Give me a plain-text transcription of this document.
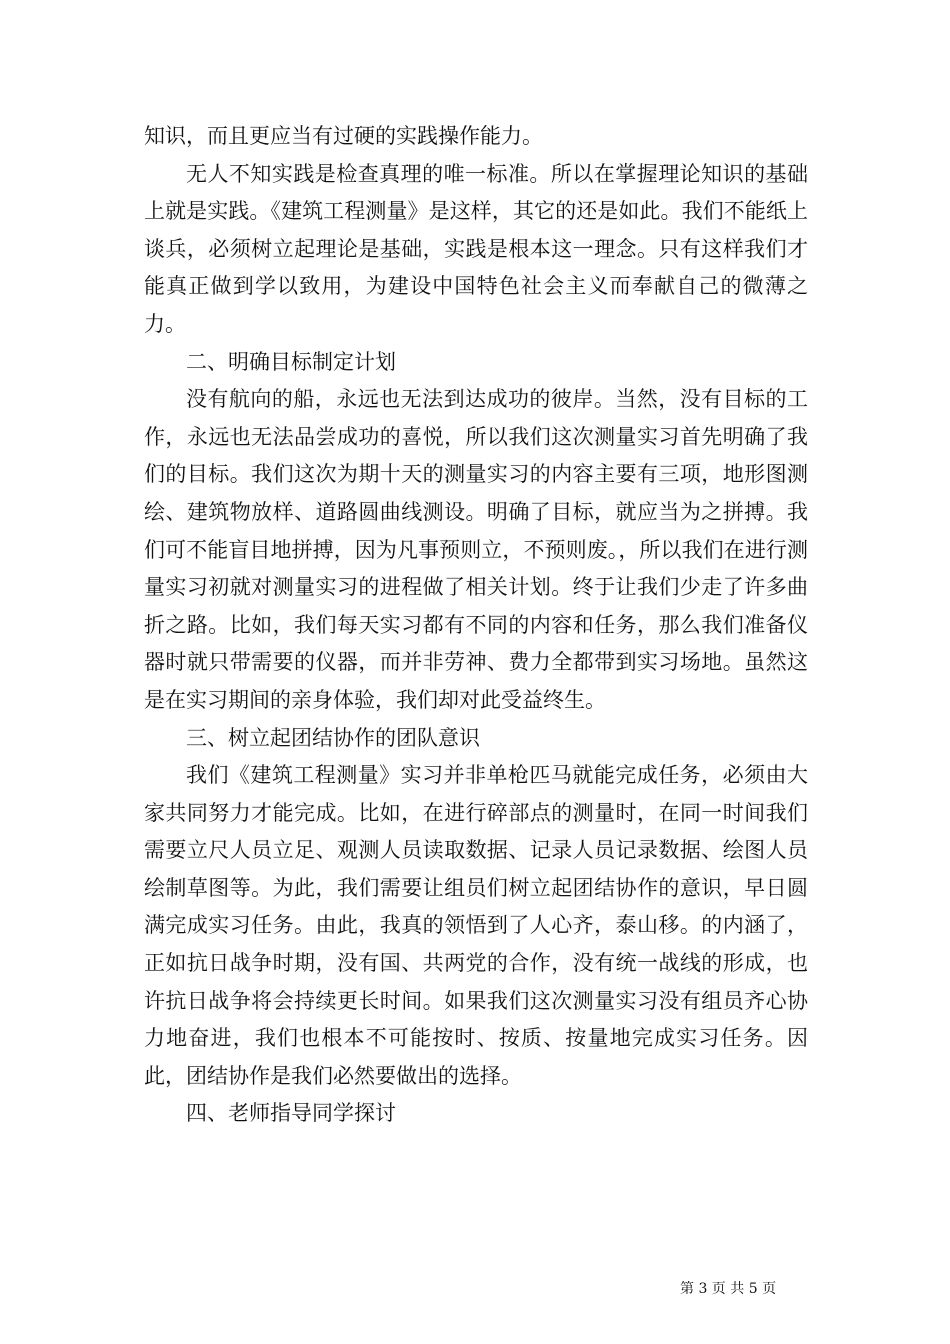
知识，而且更应当有过硬的实践操作能力。

无人不知实践是检查真理的唯一标准。所以在掌握理论知识的基础上就是实践。《建筑工程测量》是这样，其它的还是如此。我们不能纸上谈兵，必须树立起理论是基础，实践是根本这一理念。只有这样我们才能真正做到学以致用，为建设中国特色社会主义而奉献自己的微薄之力。

二、明确目标制定计划

没有航向的船，永远也无法到达成功的彼岸。当然，没有目标的工作，永远也无法品尝成功的喜悦，所以我们这次测量实习首先明确了我们的目标。我们这次为期十天的测量实习的内容主要有三项，地形图测绘、建筑物放样、道路圆曲线测设。明确了目标，就应当为之拼搏。我们可不能盲目地拼搏，因为凡事预则立，不预则废。，所以我们在进行测量实习初就对测量实习的进程做了相关计划。终于让我们少走了许多曲折之路。比如，我们每天实习都有不同的内容和任务，那么我们准备仪器时就只带需要的仪器，而并非劳神、费力全都带到实习场地。虽然这是在实习期间的亲身体验，我们却对此受益终生。

三、树立起团结协作的团队意识

我们《建筑工程测量》实习并非单枪匹马就能完成任务，必须由大家共同努力才能完成。比如，在进行碎部点的测量时，在同一时间我们需要立尺人员立足、观测人员读取数据、记录人员记录数据、绘图人员绘制草图等。为此，我们需要让组员们树立起团结协作的意识，早日圆满完成实习任务。由此，我真的领悟到了人心齐，泰山移。的内涵了，正如抗日战争时期，没有国、共两党的合作，没有统一战线的形成，也许抗日战争将会持续更长时间。如果我们这次测量实习没有组员齐心协力地奋进，我们也根本不可能按时、按质、按量地完成实习任务。因此，团结协作是我们必然要做出的选择。

四、老师指导同学探讨

第 3 页 共 5 页
